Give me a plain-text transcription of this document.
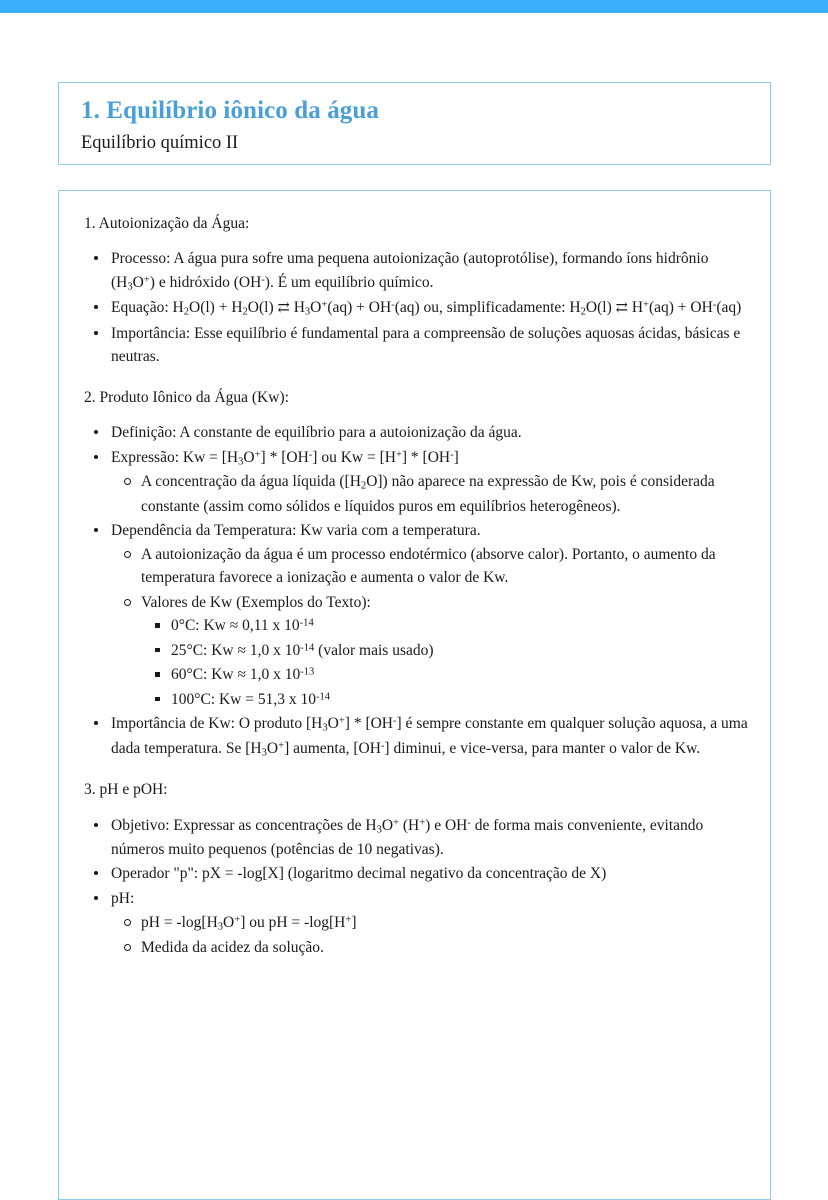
1. Equilíbrio iônico da água
Equilíbrio químico II
1. Autoionização da Água:
Processo: A água pura sofre uma pequena autoionização (autoprotólise), formando íons hidrônio $(H_3O^+)$ e hidróxido (OH-). É um equilíbrio químico.
Equação: $H_2O(l) + H_2O(l)$ ⇄ $H_3O^+(aq) + OH^-(aq)$ ou, simplificadamente: $H_2O(l)$ ⇄ H+(aq) + OH-(aq)
Importância: Esse equilíbrio é fundamental para a compreensão de soluções aquosas ácidas, básicas e neutras.
2. Produto Iônico da Água (Kw):
Definição: A constante de equilíbrio para a autoionização da água.
Expressão: $Kw = [H_3O^+] * [OH^-]$ ou Kw = [H+] * [OH-]
A concentração da água líquida $([H_2O])$ não aparece na expressão de Kw, pois é considerada constante (assim como sólidos e líquidos puros em equilíbrios heterogêneos).
Dependência da Temperatura: Kw varia com a temperatura.
A autoionização da água é um processo endotérmico (absorve calor). Portanto, o aumento da temperatura favorece a ionização e aumenta o valor de Kw.
Valores de Kw (Exemplos do Texto):
0°C: Kw ≈ 0,11 x $10^{-14}$
25°C: Kw ≈ 1,0 x $10^{-14}$ (valor mais usado)
60°C: Kw ≈ 1,0 x $10^{-13}$
100°C: Kw = 51,3 x $10^{-14}$
Importância de Kw: O produto $[H_3O^+] * [OH^-]$ é sempre constante em qualquer solução aquosa, a uma dada temperatura. Se $[H_3O^+]$ aumenta, [OH-] diminui, e vice-versa, para manter o valor de Kw.
3. pH e pOH:
Objetivo: Expressar as concentrações de $H_3O^+$ (H+) e OH- de forma mais conveniente, evitando números muito pequenos (potências de 10 negativas).
Operador "p": pX = -log[X] (logaritmo decimal negativo da concentração de X)
pH:
pH = $-\log[H_3O^+]$ ou pH = -log[H+]
Medida da acidez da solução.
